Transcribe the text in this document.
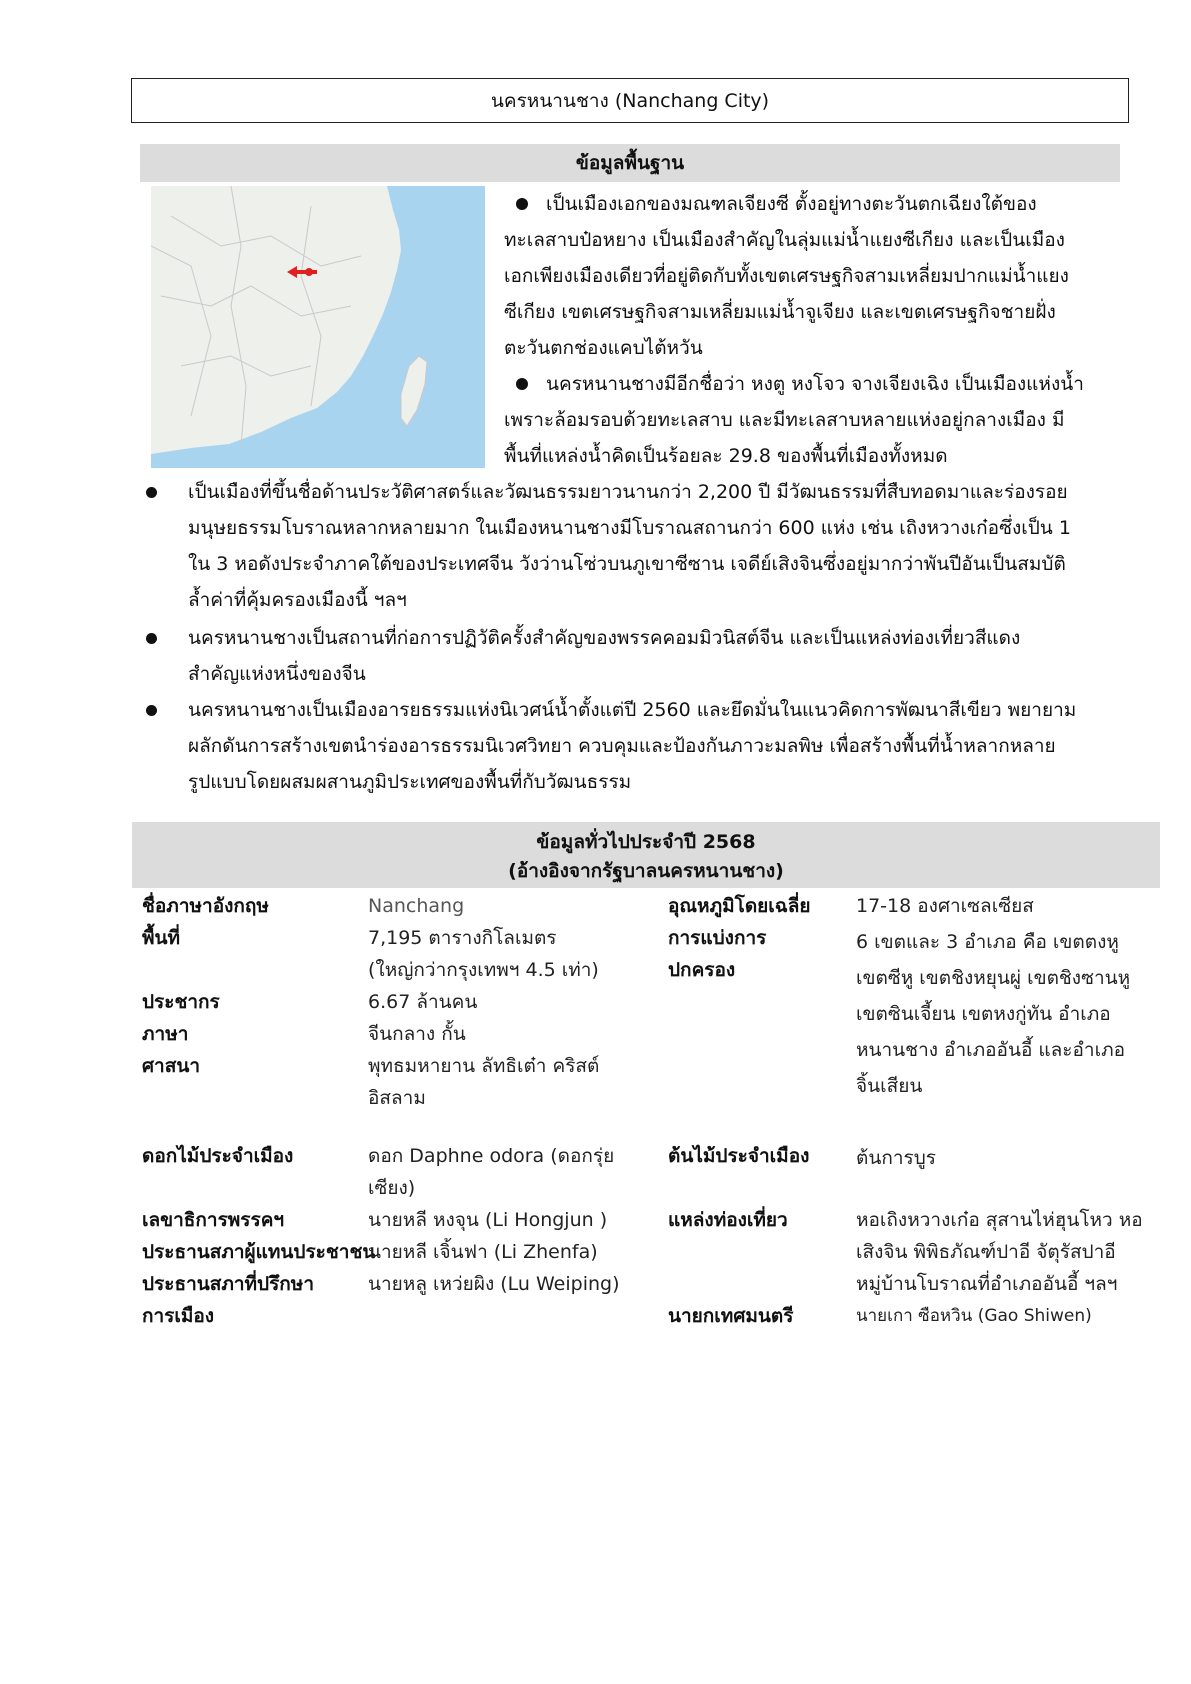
นครหนานชาง (Nanchang City)
ข้อมูลพื้นฐาน
เป็นเมืองเอกของมณฑลเจียงซี ตั้งอยู่ทางตะวันตกเฉียงใต้ของ
ทะเลสาบป๋อหยาง เป็นเมืองสำคัญในลุ่มแม่น้ำแยงซีเกียง และเป็นเมือง
เอกเพียงเมืองเดียวที่อยู่ติดกับทั้งเขตเศรษฐกิจสามเหลี่ยมปากแม่น้ำแยง
ซีเกียง เขตเศรษฐกิจสามเหลี่ยมแม่น้ำจูเจียง และเขตเศรษฐกิจชายฝั่ง
ตะวันตกช่องแคบไต้หวัน
นครหนานชางมีอีกชื่อว่า หงตู หงโจว จางเจียงเฉิง เป็นเมืองแห่งน้ำ
เพราะล้อมรอบด้วยทะเลสาบ และมีทะเลสาบหลายแห่งอยู่กลางเมือง มี
พื้นที่แหล่งน้ำคิดเป็นร้อยละ 29.8 ของพื้นที่เมืองทั้งหมด
เป็นเมืองที่ขึ้นชื่อด้านประวัติศาสตร์และวัฒนธรรมยาวนานกว่า 2,200 ปี มีวัฒนธรรมที่สืบทอดมาและร่องรอย
มนุษยธรรมโบราณหลากหลายมาก ในเมืองหนานชางมีโบราณสถานกว่า 600 แห่ง เช่น เถิงหวางเก๋อซึ่งเป็น 1
ใน 3 หอดังประจำภาคใต้ของประเทศจีน วังว่านโซ่วบนภูเขาซีซาน เจดีย์เสิงจินซึ่งอยู่มากว่าพันปีอันเป็นสมบัติ
ล้ำค่าที่คุ้มครองเมืองนี้ ฯลฯ
นครหนานชางเป็นสถานที่ก่อการปฏิวัติครั้งสำคัญของพรรคคอมมิวนิสต์จีน และเป็นแหล่งท่องเที่ยวสีแดง
สำคัญแห่งหนึ่งของจีน
นครหนานชางเป็นเมืองอารยธรรมแห่งนิเวศน์น้ำตั้งแต่ปี 2560 และยึดมั่นในแนวคิดการพัฒนาสีเขียว พยายาม
ผลักดันการสร้างเขตนำร่องอารธรรมนิเวศวิทยา ควบคุมและป้องกันภาวะมลพิษ เพื่อสร้างพื้นที่น้ำหลากหลาย
รูปแบบโดยผสมผสานภูมิประเทศของพื้นที่กับวัฒนธรรม
ข้อมูลทั่วไปประจำปี 2568
(อ้างอิงจากรัฐบาลนครหนานชาง)
ชื่อภาษาอังกฤษ
พื้นที่
ประชากร
ภาษา
ศาสนา
ดอกไม้ประจำเมือง
เลขาธิการพรรคฯ
ประธานสภาผู้แทนประชาชน
ประธานสภาที่ปรึกษา
การเมือง
Nanchang
7,195 ตารางกิโลเมตร
(ใหญ่กว่ากรุงเทพฯ 4.5 เท่า)
6.67 ล้านคน
จีนกลาง กั้น
พุทธมหายาน ลัทธิเต๋า คริสต์
อิสลาม
ดอก Daphne odora (ดอกรุ่ย
เซียง)
นายหลี หงจุน (Li Hongjun )
นายหลี เจิ้นฟา (Li Zhenfa)
นายหลู เหว่ยผิง (Lu Weiping)
อุณหภูมิโดยเฉลี่ย
การแบ่งการ
ปกครอง
ต้นไม้ประจำเมือง
แหล่งท่องเที่ยว
นายกเทศมนตรี
17-18 องศาเซลเซียส
6 เขตและ 3 อำเภอ คือ เขตตงหู
เขตซีหู เขตชิงหยุนผู่ เขตชิงซานหู
เขตซินเจี้ยน เขตหงกู่ทัน อำเภอ
หนานชาง อำเภออันอี้ และอำเภอ
จิ้นเสียน
ต้นการบูร
หอเถิงหวางเก๋อ สุสานไห่ฮุนโหว หอ
เสิงจิน พิพิธภัณฑ์ปาอี จัตุรัสปาอี
หมู่บ้านโบราณที่อำเภออันอี้ ฯลฯ
นายเกา ซือหวิน (Gao Shiwen)
